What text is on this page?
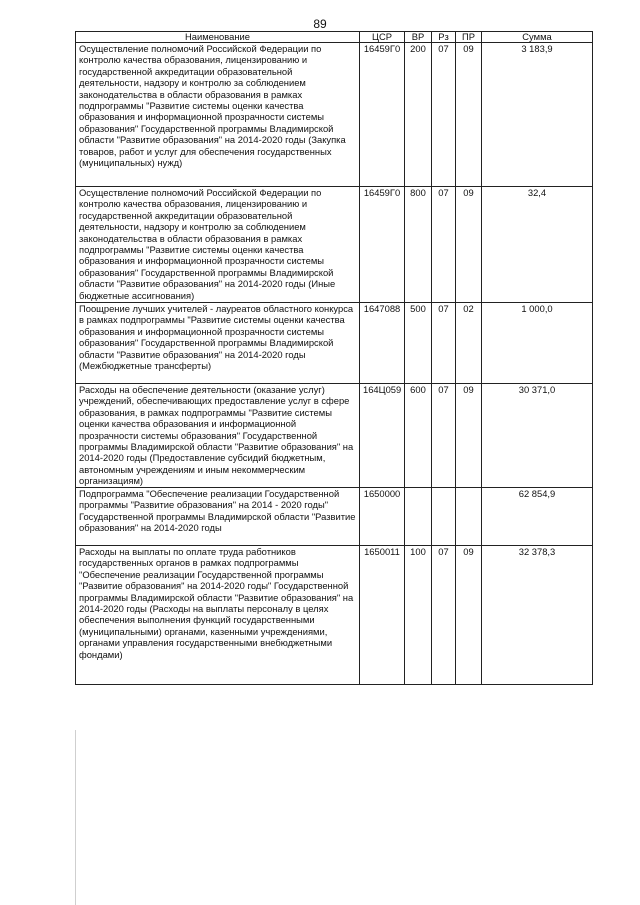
89
Наименование	ЦСР	ВР	Рз	ПР	Сумма
Осуществление полномочий Российской Федерации по контролю качества образования, лицензированию и государственной аккредитации образовательной деятельности, надзору и контролю за соблюдением законодательства в области образования в рамках подпрограммы "Развитие системы оценки качества образования и информационной прозрачности системы образования" Государственной программы Владимирской области "Развитие образования" на 2014-2020 годы (Закупка товаров, работ и услуг для обеспечения государственных (муниципальных) нужд)	16459Г0	200	07	09	3 183,9
Осуществление полномочий Российской Федерации по контролю качества образования, лицензированию и государственной аккредитации образовательной деятельности, надзору и контролю за соблюдением законодательства в области образования в рамках подпрограммы "Развитие системы оценки качества образования и информационной прозрачности системы образования" Государственной программы Владимирской области "Развитие образования" на 2014-2020 годы (Иные бюджетные ассигнования)	16459Г0	800	07	09	32,4
Поощрение лучших учителей - лауреатов областного конкурса в рамках подпрограммы "Развитие системы оценки качества образования и информационной прозрачности системы образования" Государственной программы Владимирской области "Развитие образования" на 2014-2020 годы (Межбюджетные трансферты)	1647088	500	07	02	1 000,0
Расходы на обеспечение деятельности (оказание услуг) учреждений, обеспечивающих предоставление услуг в сфере образования, в рамках подпрограммы "Развитие системы оценки качества образования и информационной прозрачности системы образования" Государственной программы Владимирской области "Развитие образования" на 2014-2020 годы (Предоставление субсидий бюджетным, автономным учреждениям и иным некоммерческим организациям)	164Ц059	600	07	09	30 371,0
Подпрограмма "Обеспечение реализации Государственной программы "Развитие образования" на 2014 - 2020 годы" Государственной программы Владимирской области "Развитие образования" на 2014-2020 годы	1650000				62 854,9
Расходы на выплаты по оплате труда работников государственных органов в рамках подпрограммы "Обеспечение реализации Государственной программы "Развитие образования" на 2014-2020 годы" Государственной программы Владимирской области "Развитие образования" на 2014-2020 годы (Расходы на выплаты персоналу в целях обеспечения выполнения функций государственными (муниципальными) органами, казенными учреждениями, органами управления государственными внебюджетными фондами)	1650011	100	07	09	32 378,3
